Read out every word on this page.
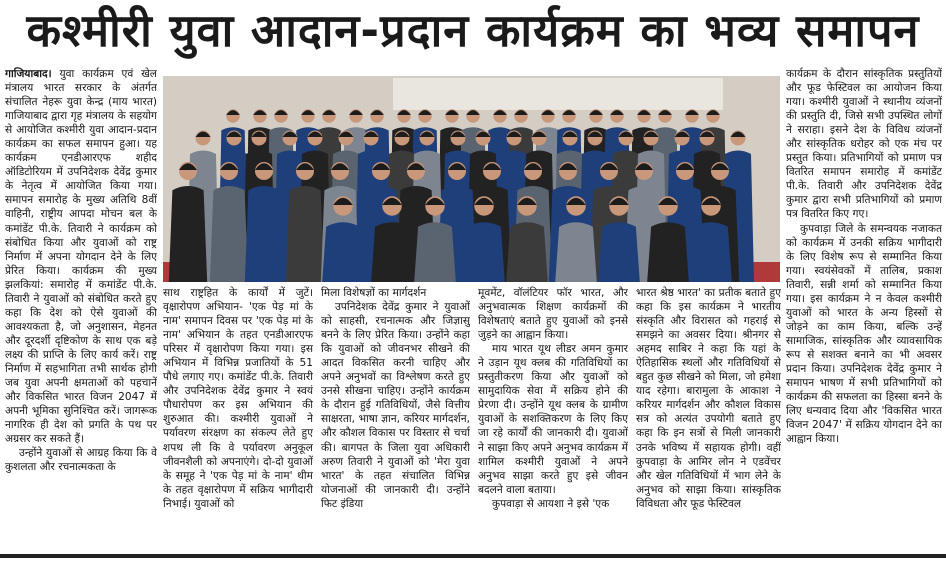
कश्मीरी युवा आदान-प्रदान कार्यक्रम का भव्य समापन

गाजियाबाद। युवा कार्यक्रम एवं खेल मंत्रालय भारत सरकार के अंतर्गत संचालित नेहरू युवा केन्द्र (माय भारत) गाजियाबाद द्वारा गृह मंत्रालय के सहयोग से आयोजित कश्मीरी युवा आदान-प्रदान कार्यक्रम का सफल समापन हुआ। यह कार्यक्रम एनडीआरएफ शहीद ऑडिटोरियम में उपनिदेशक देवेंद्र कुमार के नेतृत्व में आयोजित किया गया। समापन समारोह के मुख्य अतिथि 8वीं वाहिनी, राष्ट्रीय आपदा मोचन बल के कमांडेंट पी.के. तिवारी ने कार्यक्रम को संबोधित किया और युवाओं को राष्ट्र निर्माण में अपना योगदान देने के लिए प्रेरित किया। कार्यक्रम की मुख्य झलकियां: समारोह में कमांडेंट पी.के. तिवारी ने युवाओं को संबोधित करते हुए कहा कि देश को ऐसे युवाओं की आवश्यकता है, जो अनुशासन, मेहनत और दूरदर्शी दृष्टिकोण के साथ एक बड़े लक्ष्य की प्राप्ति के लिए कार्य करें। राष्ट्र निर्माण में सहभागिता तभी सार्थक होगी जब युवा अपनी क्षमताओं को पहचानें और विकसित भारत विजन 2047 में अपनी भूमिका सुनिश्चित करें। जागरूक नागरिक ही देश को प्रगति के पथ पर अग्रसर कर सकते हैं।

उन्होंने युवाओं से आग्रह किया कि वे कुशलता और रचनात्मकता के

साथ राष्ट्रहित के कार्यों में जुटें। वृक्षारोपण अभियान- 'एक पेड़ मां के नाम' समापन दिवस पर 'एक पेड़ मां के नाम' अभियान के तहत एनडीआरएफ परिसर में वृक्षारोपण किया गया। इस अभियान में विभिन्न प्रजातियों के 51 पौधे लगाए गए। कमांडेंट पी.के. तिवारी और उपनिदेशक देवेंद्र कुमार ने स्वयं पौधारोपण कर इस अभियान की शुरुआत की। कश्मीरी युवाओं ने पर्यावरण संरक्षण का संकल्प लेते हुए शपथ ली कि वे पर्यावरण अनुकूल जीवनशैली को अपनाएंगे। दो-दो युवाओं के समूह ने 'एक पेड़ मां के नाम' थीम के तहत वृक्षारोपण में सक्रिय भागीदारी निभाई। युवाओं को

मिला विशेषज्ञों का मार्गदर्शन

उपनिदेशक देवेंद्र कुमार ने युवाओं को साहसी, रचनात्मक और जिज्ञासु बनने के लिए प्रेरित किया। उन्होंने कहा कि युवाओं को जीवनभर सीखने की आदत विकसित करनी चाहिए और अपने अनुभवों का विश्लेषण करते हुए उनसे सीखना चाहिए। उन्होंने कार्यक्रम के दौरान हुई गतिविधियों, जैसे वित्तीय साक्षरता, भाषा ज्ञान, करियर मार्गदर्शन, और कौशल विकास पर विस्तार से चर्चा की। बागपत के जिला युवा अधिकारी अरुण तिवारी ने युवाओं को 'मेरा युवा भारत' के तहत संचालित विभिन्न योजनाओं की जानकारी दी। उन्होंने फिट इंडिया

मूवमेंट, वॉलंटियर फॉर भारत, और अनुभवात्मक शिक्षण कार्यक्रमों की विशेषताएं बताते हुए युवाओं को इनसे जुड़ने का आह्वान किया।

माय भारत यूथ लीडर अमन कुमार ने उड़ान यूथ क्लब की गतिविधियों का प्रस्तुतीकरण किया और युवाओं को सामुदायिक सेवा में सक्रिय होने की प्रेरणा दी। उन्होंने यूथ क्लब के ग्रामीण युवाओं के सशक्तिकरण के लिए किए जा रहे कार्यों की जानकारी दी। युवाओं ने साझा किए अपने अनुभव कार्यक्रम में शामिल कश्मीरी युवाओं ने अपने अनुभव साझा करते हुए इसे जीवन बदलने वाला बताया।

कुपवाड़ा से आयशा ने इसे 'एक

भारत श्रेष्ठ भारत' का प्रतीक बताते हुए कहा कि इस कार्यक्रम ने भारतीय संस्कृति और विरासत को गहराई से समझने का अवसर दिया। श्रीनगर से अहमद साबिर ने कहा कि यहां के ऐतिहासिक स्थलों और गतिविधियों से बहुत कुछ सीखने को मिला, जो हमेशा याद रहेगा। बारामुला के आकाश ने करियर मार्गदर्शन और कौशल विकास सत्र को अत्यंत उपयोगी बताते हुए कहा कि इन सत्रों से मिली जानकारी उनके भविष्य में सहायक होगी। वहीं कुपवाड़ा के आमिर लोन ने एडवेंचर और खेल गतिविधियों में भाग लेने के अनुभव को साझा किया। सांस्कृतिक विविधता और फूड फेस्टिवल

कार्यक्रम के दौरान सांस्कृतिक प्रस्तुतियों और फूड फेस्टिवल का आयोजन किया गया। कश्मीरी युवाओं ने स्थानीय व्यंजनों की प्रस्तुति दी, जिसे सभी उपस्थित लोगों ने सराहा। इसने देश के विविध व्यंजनों और सांस्कृतिक धरोहर को एक मंच पर प्रस्तुत किया। प्रतिभागियों को प्रमाण पत्र वितरित समापन समारोह में कमांडेंट पी.के. तिवारी और उपनिदेशक देवेंद्र कुमार द्वारा सभी प्रतिभागियों को प्रमाण पत्र वितरित किए गए।

कुपवाड़ा जिले के समन्वयक नजाकत को कार्यक्रम में उनकी सक्रिय भागीदारी के लिए विशेष रूप से सम्मानित किया गया। स्वयंसेवकों में तालिब, प्रकाश तिवारी, सन्नी शर्मा को सम्मानित किया गया। इस कार्यक्रम ने न केवल कश्मीरी युवाओं को भारत के अन्य हिस्सों से जोड़ने का काम किया, बल्कि उन्हें सामाजिक, सांस्कृतिक और व्यावसायिक रूप से सशक्त बनाने का भी अवसर प्रदान किया। उपनिदेशक देवेंद्र कुमार ने समापन भाषण में सभी प्रतिभागियों को कार्यक्रम की सफलता का हिस्सा बनने के लिए धन्यवाद दिया और 'विकसित भारत विजन 2047' में सक्रिय योगदान देने का आह्वान किया।
